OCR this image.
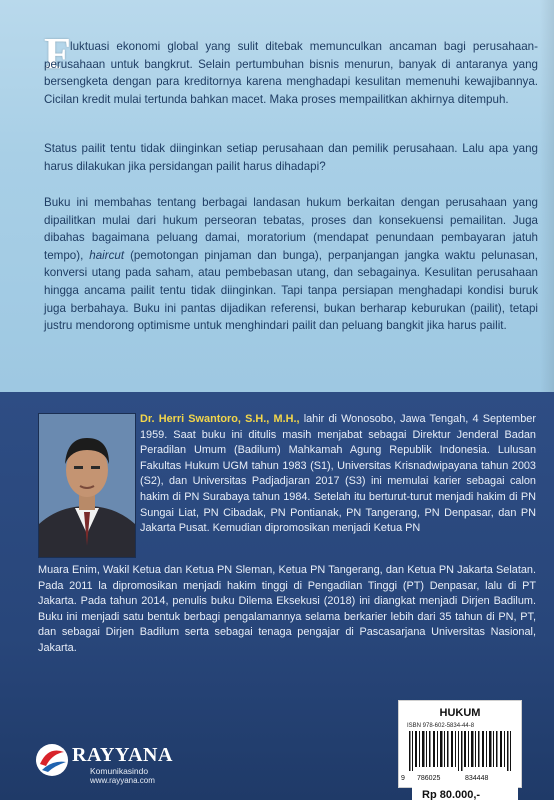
F luktuasi ekonomi global yang sulit ditebak memunculkan ancaman bagi perusahaan-perusahaan untuk bangkrut. Selain pertumbuhan bisnis menurun, banyak di antaranya yang bersengketa dengan para kreditornya karena menghadapi kesulitan memenuhi kewajibannya. Cicilan kredit mulai tertunda bahkan macet. Maka proses mempailitkan akhirnya ditempuh.
Status pailit tentu tidak diinginkan setiap perusahaan dan pemilik perusahaan. Lalu apa yang harus dilakukan jika persidangan pailit harus dihadapi?
Buku ini membahas tentang berbagai landasan hukum berkaitan dengan perusahaan yang dipailitkan mulai dari hukum perseoran tebatas, proses dan konsekuensi pemailitan. Juga dibahas bagaimana peluang damai, moratorium (mendapat penundaan pembayaran jatuh tempo), haircut (pemotongan pinjaman dan bunga), perpanjangan jangka waktu pelunasan, konversi utang pada saham, atau pembebasan utang, dan sebagainya. Kesulitan perusahaan hingga ancama pailit tentu tidak diinginkan. Tapi tanpa persiapan menghadapi kondisi buruk juga berbahaya. Buku ini pantas dijadikan referensi, bukan berharap keburukan (pailit), tetapi justru mendorong optimisme untuk menghindari pailit dan peluang bangkit jika harus pailit.
Dr. Herri Swantoro, S.H., M.H., lahir di Wonosobo, Jawa Tengah, 4 September 1959. Saat buku ini ditulis masih menjabat sebagai Direktur Jenderal Badan Peradilan Umum (Badilum) Mahkamah Agung Republik Indonesia. Lulusan Fakultas Hukum UGM tahun 1983 (S1), Universitas Krisnadwipayana tahun 2003 (S2), dan Universitas Padjadjaran 2017 (S3) ini memulai karier sebagai calon hakim di PN Surabaya tahun 1984. Setelah itu berturut-turut menjadi hakim di PN Sungai Liat, PN Cibadak, PN Pontianak, PN Tangerang, PN Denpasar, dan PN Jakarta Pusat. Kemudian dipromosikan menjadi Ketua PN
Muara Enim, Wakil Ketua dan Ketua PN Sleman, Ketua PN Tangerang, dan Ketua PN Jakarta Selatan. Pada 2011 la dipromosikan menjadi hakim tinggi di Pengadilan Tinggi (PT) Denpasar, lalu di PT Jakarta. Pada tahun 2014, penulis buku Dilema Eksekusi (2018) ini diangkat menjadi Dirjen Badilum. Buku ini menjadi satu bentuk berbagi pengalamannya selama berkarier lebih dari 35 tahun di PN, PT, dan sebagai Dirjen Badilum serta sebagai tenaga pengajar di Pascasarjana Universitas Nasional, Jakarta.
RAYYANA
Komunikasindo
www.rayyana.com
HUKUM
ISBN 978-602-5834-44-8
9 786025	834448
Rp 80.000,-
